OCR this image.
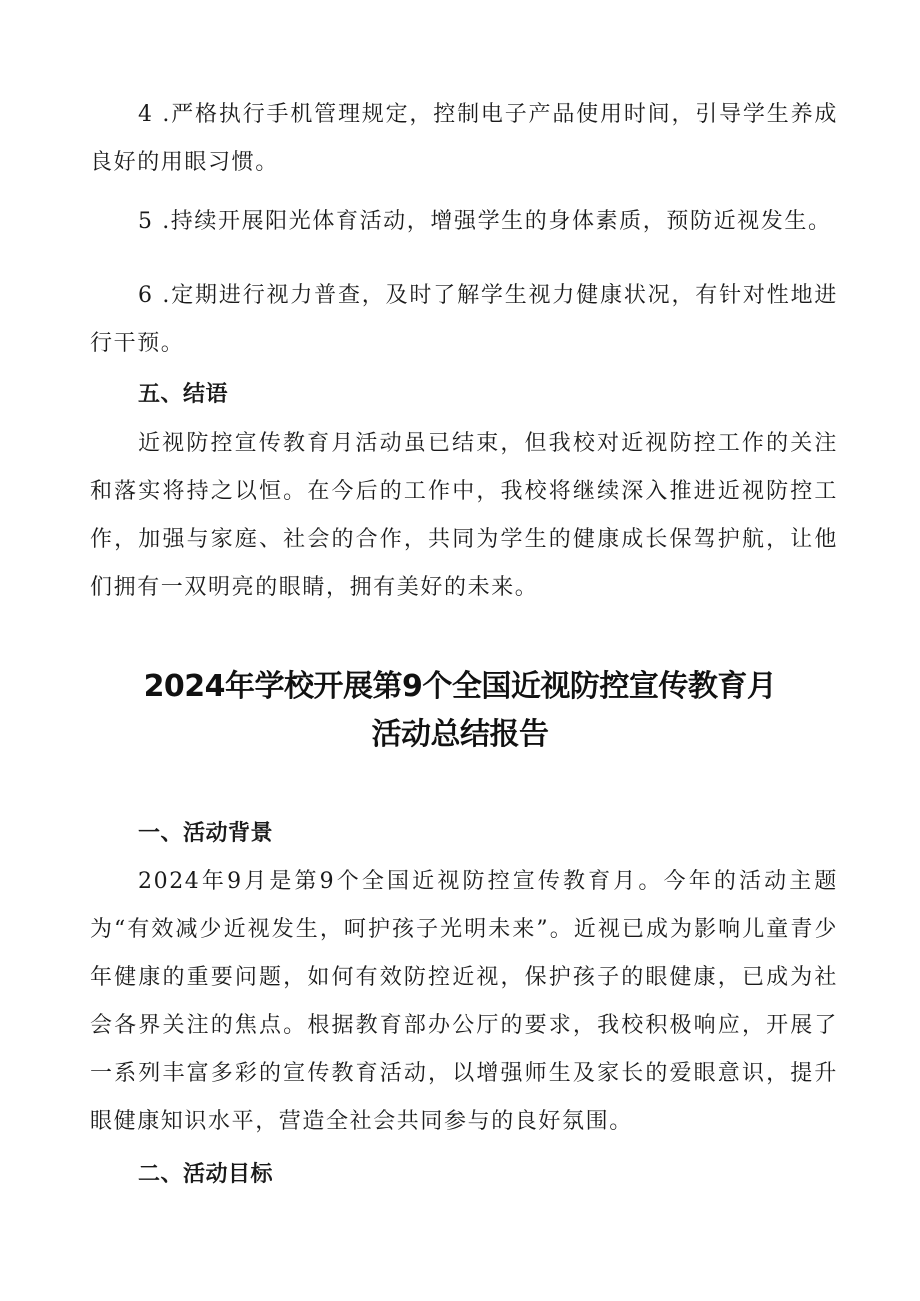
4 .严格执行手机管理规定，控制电子产品使用时间，引导学生养成良好的用眼习惯。

5 .持续开展阳光体育活动，增强学生的身体素质，预防近视发生。

6 .定期进行视力普查，及时了解学生视力健康状况，有针对性地进行干预。

五、结语

近视防控宣传教育月活动虽已结束，但我校对近视防控工作的关注和落实将持之以恒。在今后的工作中，我校将继续深入推进近视防控工作，加强与家庭、社会的合作，共同为学生的健康成长保驾护航，让他们拥有一双明亮的眼睛，拥有美好的未来。

2024年学校开展第9个全国近视防控宣传教育月
活动总结报告
一、活动背景

2024年9月是第9个全国近视防控宣传教育月。今年的活动主题为“有效减少近视发生，呵护孩子光明未来”。近视已成为影响儿童青少年健康的重要问题，如何有效防控近视，保护孩子的眼健康，已成为社会各界关注的焦点。根据教育部办公厅的要求，我校积极响应，开展了一系列丰富多彩的宣传教育活动，以增强师生及家长的爱眼意识，提升眼健康知识水平，营造全社会共同参与的良好氛围。

二、活动目标
